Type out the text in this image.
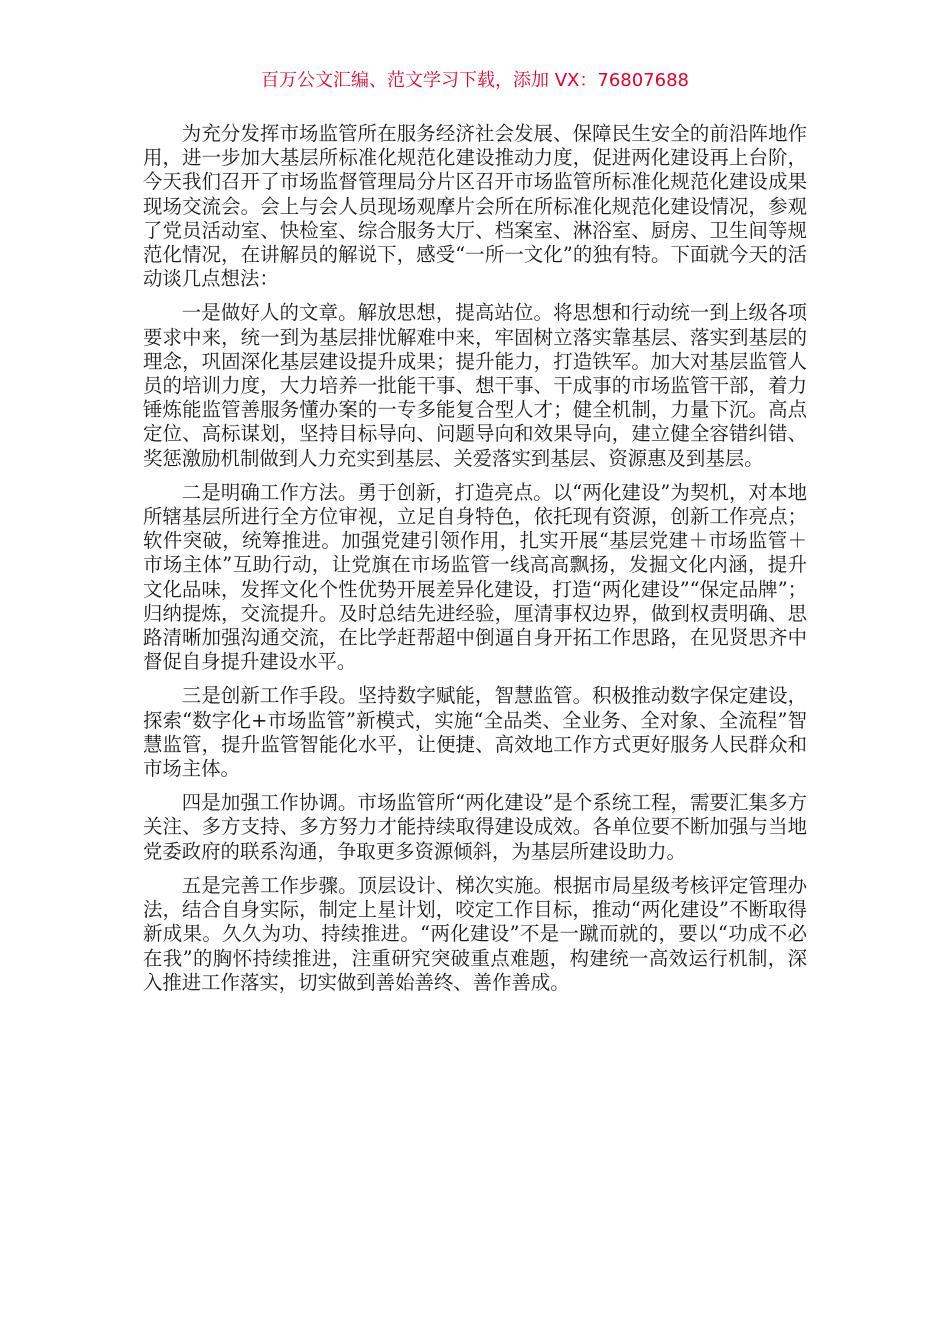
百万公文汇编、范文学习下载，添加 VX：76807688

为充分发挥市场监管所在服务经济社会发展、保障民生安全的前沿阵地作用，进一步加大基层所标准化规范化建设推动力度，促进两化建设再上台阶，今天我们召开了市场监督管理局分片区召开市场监管所标准化规范化建设成果现场交流会。会上与会人员现场观摩片会所在所标准化规范化建设情况，参观了党员活动室、快检室、综合服务大厅、档案室、淋浴室、厨房、卫生间等规范化情况，在讲解员的解说下，感受“一所一文化”的独有特。下面就今天的活动谈几点想法：

一是做好人的文章。解放思想，提高站位。将思想和行动统一到上级各项要求中来，统一到为基层排忧解难中来，牢固树立落实靠基层、落实到基层的理念，巩固深化基层建设提升成果；提升能力，打造铁军。加大对基层监管人员的培训力度，大力培养一批能干事、想干事、干成事的市场监管干部，着力锤炼能监管善服务懂办案的一专多能复合型人才；健全机制，力量下沉。高点定位、高标谋划，坚持目标导向、问题导向和效果导向，建立健全容错纠错、奖惩激励机制做到人力充实到基层、关爱落实到基层、资源惠及到基层。

二是明确工作方法。勇于创新，打造亮点。以“两化建设”为契机，对本地所辖基层所进行全方位审视，立足自身特色，依托现有资源，创新工作亮点；软件突破，统筹推进。加强党建引领作用，扎实开展“基层党建＋市场监管＋市场主体”互助行动，让党旗在市场监管一线高高飘扬，发掘文化内涵，提升文化品味，发挥文化个性优势开展差异化建设，打造“两化建设”“保定品牌”；归纳提炼，交流提升。及时总结先进经验，厘清事权边界，做到权责明确、思路清晰加强沟通交流，在比学赶帮超中倒逼自身开拓工作思路，在见贤思齐中督促自身提升建设水平。

三是创新工作手段。坚持数字赋能，智慧监管。积极推动数字保定建设，探索“数字化+市场监管”新模式，实施“全品类、全业务、全对象、全流程”智慧监管，提升监管智能化水平，让便捷、高效地工作方式更好服务人民群众和市场主体。

四是加强工作协调。市场监管所“两化建设”是个系统工程，需要汇集多方关注、多方支持、多方努力才能持续取得建设成效。各单位要不断加强与当地党委政府的联系沟通，争取更多资源倾斜，为基层所建设助力。

五是完善工作步骤。顶层设计、梯次实施。根据市局星级考核评定管理办法，结合自身实际，制定上星计划，咬定工作目标，推动“两化建设”不断取得新成果。久久为功、持续推进。“两化建设”不是一蹴而就的，要以“功成不必在我”的胸怀持续推进，注重研究突破重点难题，构建统一高效运行机制，深入推进工作落实，切实做到善始善终、善作善成。
